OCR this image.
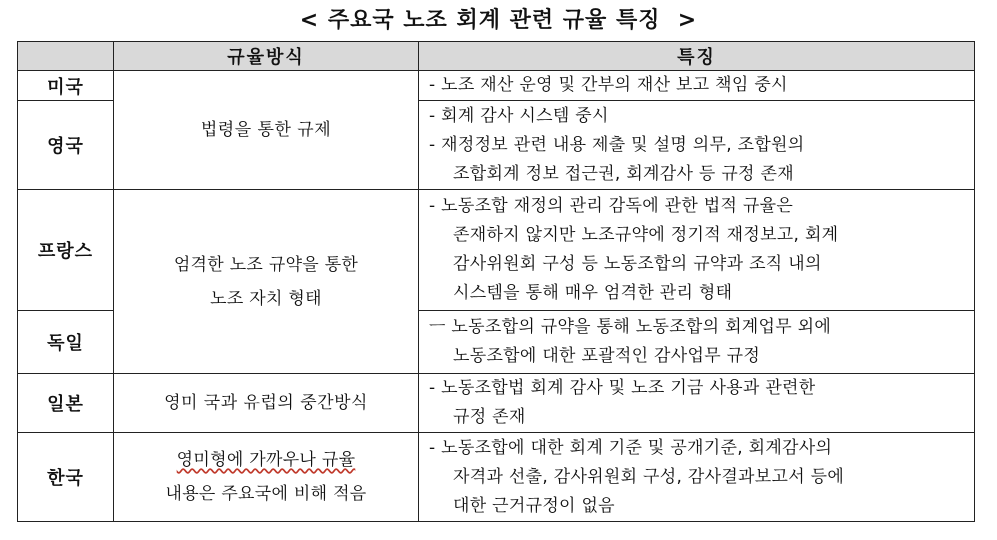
< 주요국 노조 회계 관련 규율 특징  >
	규율방식	특징
미국	법령을 통한 규제	- 노조 재산 운영 및 간부의 재산 보고 책임 중시

영국		- 회계 감사 시스템 중시
- 재정정보 관련 내용 제출 및 설명 의무, 조합원의
조합회계 정보 접근권, 회계감사 등 규정 존재

프랑스	엄격한 노조 규약을 통한
노조 자치 형태	- 노동조합 재정의 관리 감독에 관한 법적 규율은
존재하지 않지만 노조규약에 정기적 재정보고, 회계
감사위원회 구성 등 노동조합의 규약과 조직 내의
시스템을 통해 매우 엄격한 관리 형태

독일		ㅡ 노동조합의 규약을 통해 노동조합의 회계업무 외에
노동조합에 대한 포괄적인 감사업무 규정

일본	영미 국과 유럽의 중간방식	- 노동조합법 회계 감사 및 노조 기금 사용과 관련한
규정 존재

한국	영미형에 가까우나 규율
내용은 주요국에 비해 적음	- 노동조합에 대한 회계 기준 및 공개기준, 회계감사의
자격과 선출, 감사위원회 구성, 감사결과보고서 등에
대한 근거규정이 없음
